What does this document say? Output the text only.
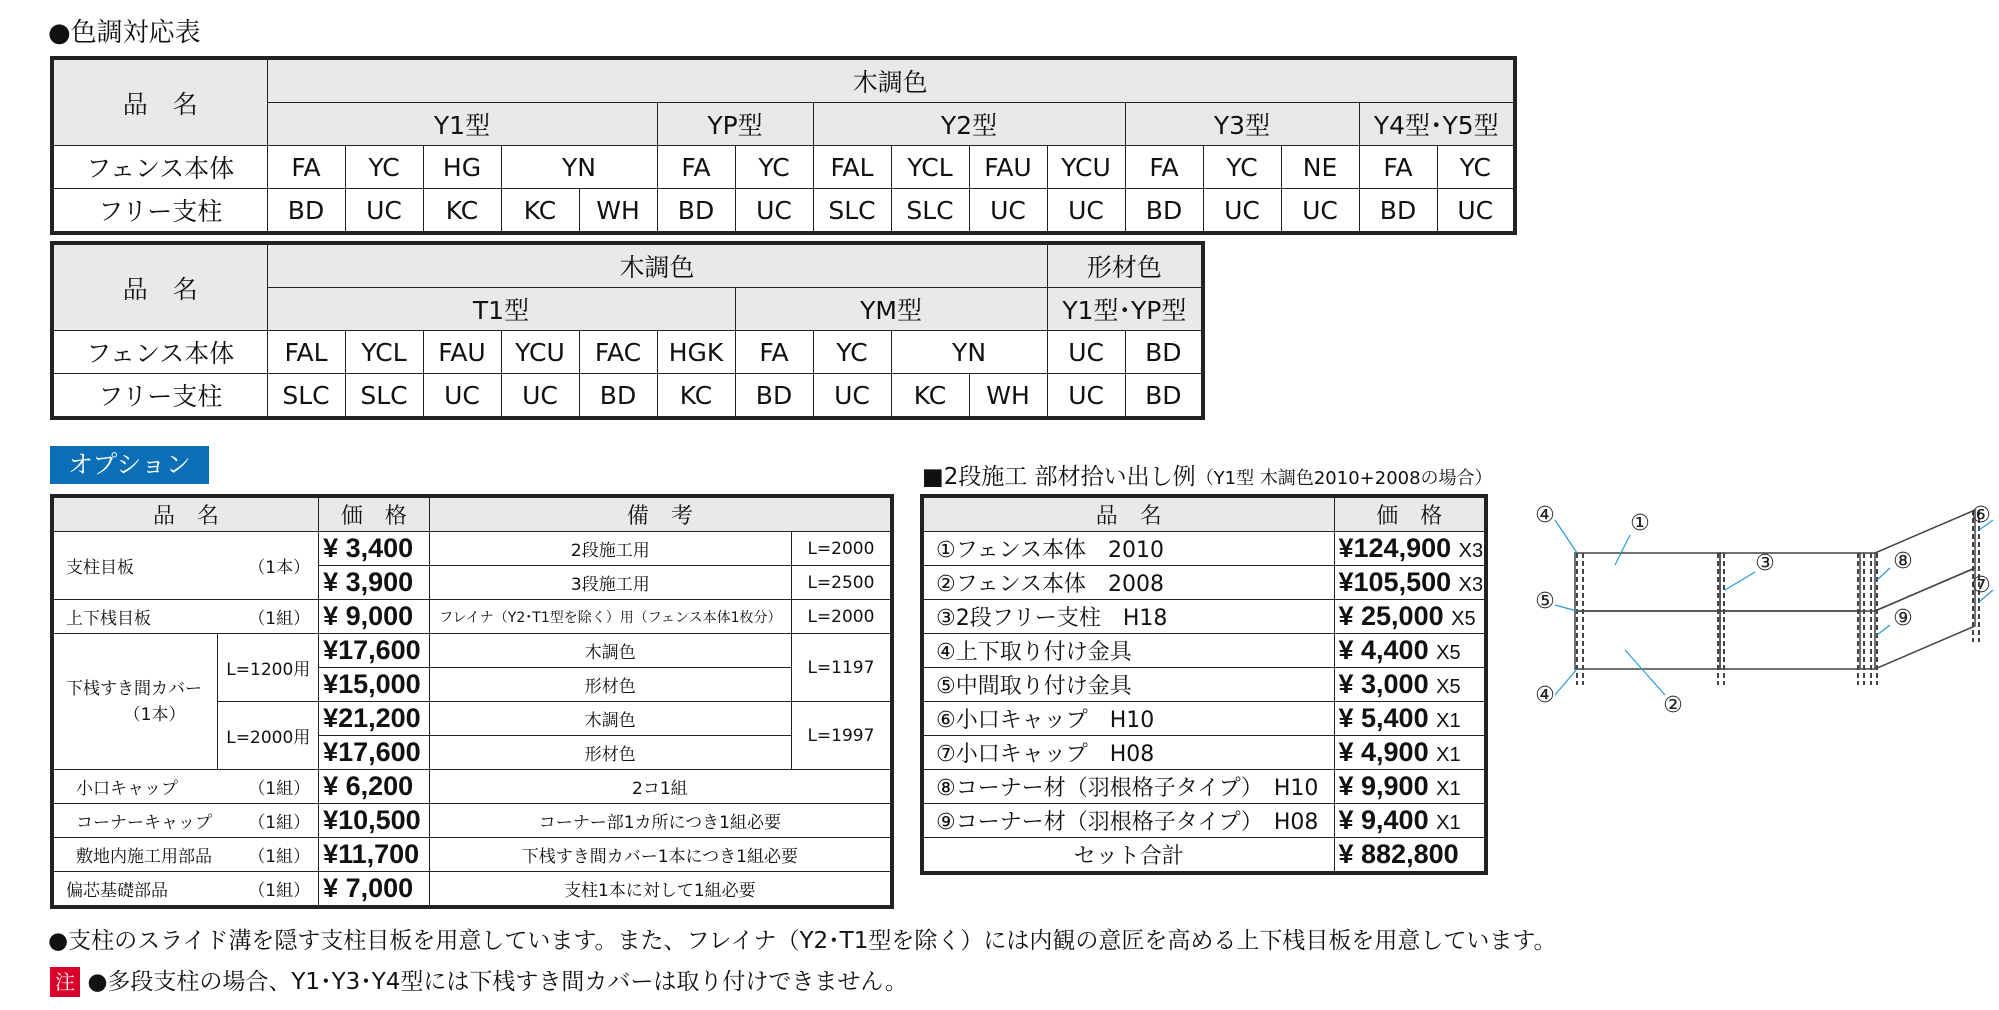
●色調対応表
品　名	木調色															
	Y1型					YP型		Y2型				Y3型			Y4型･Y5型	
フェンス本体	FA	YC	HG	YN		FA	YC	FAL	YCL	FAU	YCU	FA	YC	NE	FA	YC
フリー支柱	BD	UC	KC	KC	WH	BD	UC	SLC	SLC	UC	UC	BD	UC	UC	BD	UC
品　名	木調色										形材色	
	T1型						YM型				Y1型･YP型	
フェンス本体	FAL	YCL	FAU	YCU	FAC	HGK	FA	YC	YN		UC	BD
フリー支柱	SLC	SLC	UC	UC	BD	KC	BD	UC	KC	WH	UC	BD
オプション
品　名		価　格	備　考	
支柱目板 （1本）		¥ 3,400	2段施工用	L=2000
		¥ 3,900	3段施工用	L=2500
上下桟目板 （1組）		¥ 9,000	フレイナ（Y2･T1型を除く）用（フェンス本体1枚分）	L=2000

下桟すき間カバー
（1本）	L=1200用	¥17,600	木調色	L=1197
		¥15,000	形材色	
	L=2000用	¥21,200	木調色	L=1997
		¥17,600	形材色	
小口キャップ （1組）		¥ 6,200	2コ1組	
コーナーキャップ （1組）		¥10,500	コーナー部1カ所につき1組必要	
敷地内施工用部品 （1組）		¥11,700	下桟すき間カバー1本につき1組必要	
偏芯基礎部品 （1組）		¥ 7,000	支柱1本に対して1組必要	
■2段施工 部材拾い出し例（Y1型 木調色2010+2008の場合）
品　名	価　格
①フェンス本体　2010	¥124,900 X3
②フェンス本体　2008	¥105,500 X3
③2段フリー支柱　H18	¥ 25,000 X5
④上下取り付け金具	¥ 4,400 X5
⑤中間取り付け金具	¥ 3,000 X5
⑥小口キャップ　H10	¥ 5,400 X1
⑦小口キャップ　H08	¥ 4,900 X1
⑧コーナー材（羽根格子タイプ）　H10	¥ 9,900 X1
⑨コーナー材（羽根格子タイプ）　H08	¥ 9,400 X1
セット合計	¥ 882,800
①
②
③
④
④
⑤
⑥
⑦
⑧
⑨
●支柱のスライド溝を隠す支柱目板を用意しています。また、フレイナ（Y2･T1型を除く）には内観の意匠を高める上下桟目板を用意しています。
注 ●多段支柱の場合、Y1･Y3･Y4型には下桟すき間カバーは取り付けできません。
